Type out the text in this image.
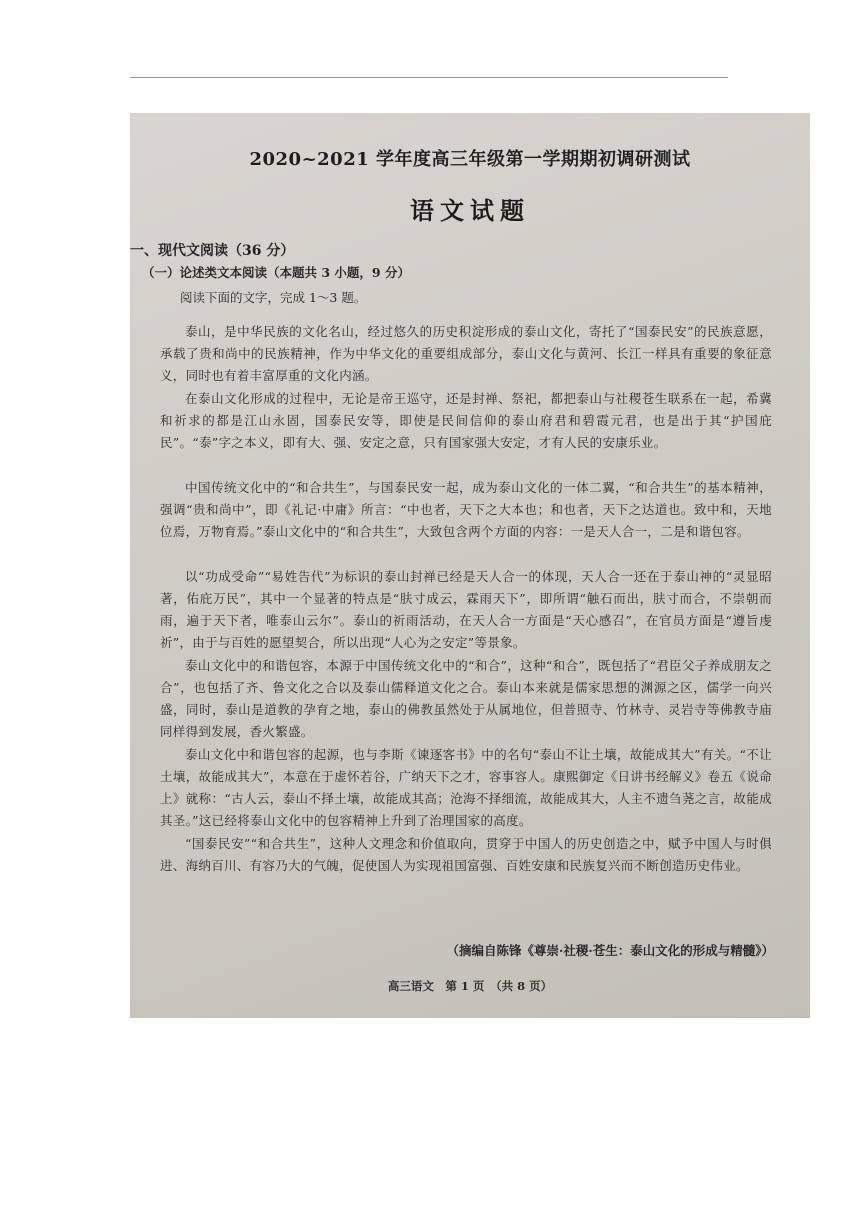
2020~2021 学年度高三年级第一学期期初调研测试
语文试题
一、现代文阅读（36 分）
（一）论述类文本阅读（本题共 3 小题，9 分）
阅读下面的文字，完成 1～3 题。

泰山，是中华民族的文化名山，经过悠久的历史积淀形成的泰山文化，寄托了“国泰民安”的民族意愿，承载了贵和尚中的民族精神，作为中华文化的重要组成部分，泰山文化与黄河、长江一样具有重要的象征意义，同时也有着丰富厚重的文化内涵。

在泰山文化形成的过程中，无论是帝王巡守，还是封禅、祭祀，都把泰山与社稷苍生联系在一起，希冀和祈求的都是江山永固，国泰民安等，即使是民间信仰的泰山府君和碧霞元君，也是出于其“护国庇民”。“泰”字之本义，即有大、强、安定之意，只有国家强大安定，才有人民的安康乐业。

中国传统文化中的“和合共生”，与国泰民安一起，成为泰山文化的一体二翼，“和合共生”的基本精神，强调“贵和尚中”，即《礼记·中庸》所言：“中也者，天下之大本也；和也者，天下之达道也。致中和，天地位焉，万物育焉。”泰山文化中的“和合共生”，大致包含两个方面的内容：一是天人合一，二是和谐包容。

以“功成受命”“易姓告代”为标识的泰山封禅已经是天人合一的体现，天人合一还在于泰山神的“灵显昭著，佑庇万民”，其中一个显著的特点是“肤寸成云，霖雨天下”，即所谓“触石而出，肤寸而合，不崇朝而雨，遍于天下者，唯泰山云尔”。泰山的祈雨活动，在天人合一方面是“天心感召”，在官员方面是“遵旨虔祈”，由于与百姓的愿望契合，所以出现“人心为之安定”等景象。

泰山文化中的和谐包容，本源于中国传统文化中的“和合”，这种“和合”，既包括了“君臣父子养成朋友之合”，也包括了齐、鲁文化之合以及泰山儒释道文化之合。泰山本来就是儒家思想的渊源之区，儒学一向兴盛，同时，泰山是道教的孕育之地，泰山的佛教虽然处于从属地位，但普照寺、竹林寺、灵岩寺等佛教寺庙同样得到发展，香火繁盛。

泰山文化中和谐包容的起源，也与李斯《谏逐客书》中的名句“泰山不让土壤，故能成其大”有关。“不让土壤，故能成其大”，本意在于虚怀若谷，广纳天下之才，容事容人。康熙御定《日讲书经解义》卷五《说命上》就称：“古人云，泰山不择土壤，故能成其高；沧海不择细流，故能成其大，人主不遗刍荛之言，故能成其圣。”这已经将泰山文化中的包容精神上升到了治理国家的高度。

“国泰民安”“和合共生”，这种人文理念和价值取向，贯穿于中国人的历史创造之中，赋予中国人与时俱进、海纳百川、有容乃大的气魄，促使国人为实现祖国富强、百姓安康和民族复兴而不断创造历史伟业。

（摘编自陈锋《尊崇·社稷·苍生：泰山文化的形成与精髓》）
高三语文　第 1 页　（共 8 页）
